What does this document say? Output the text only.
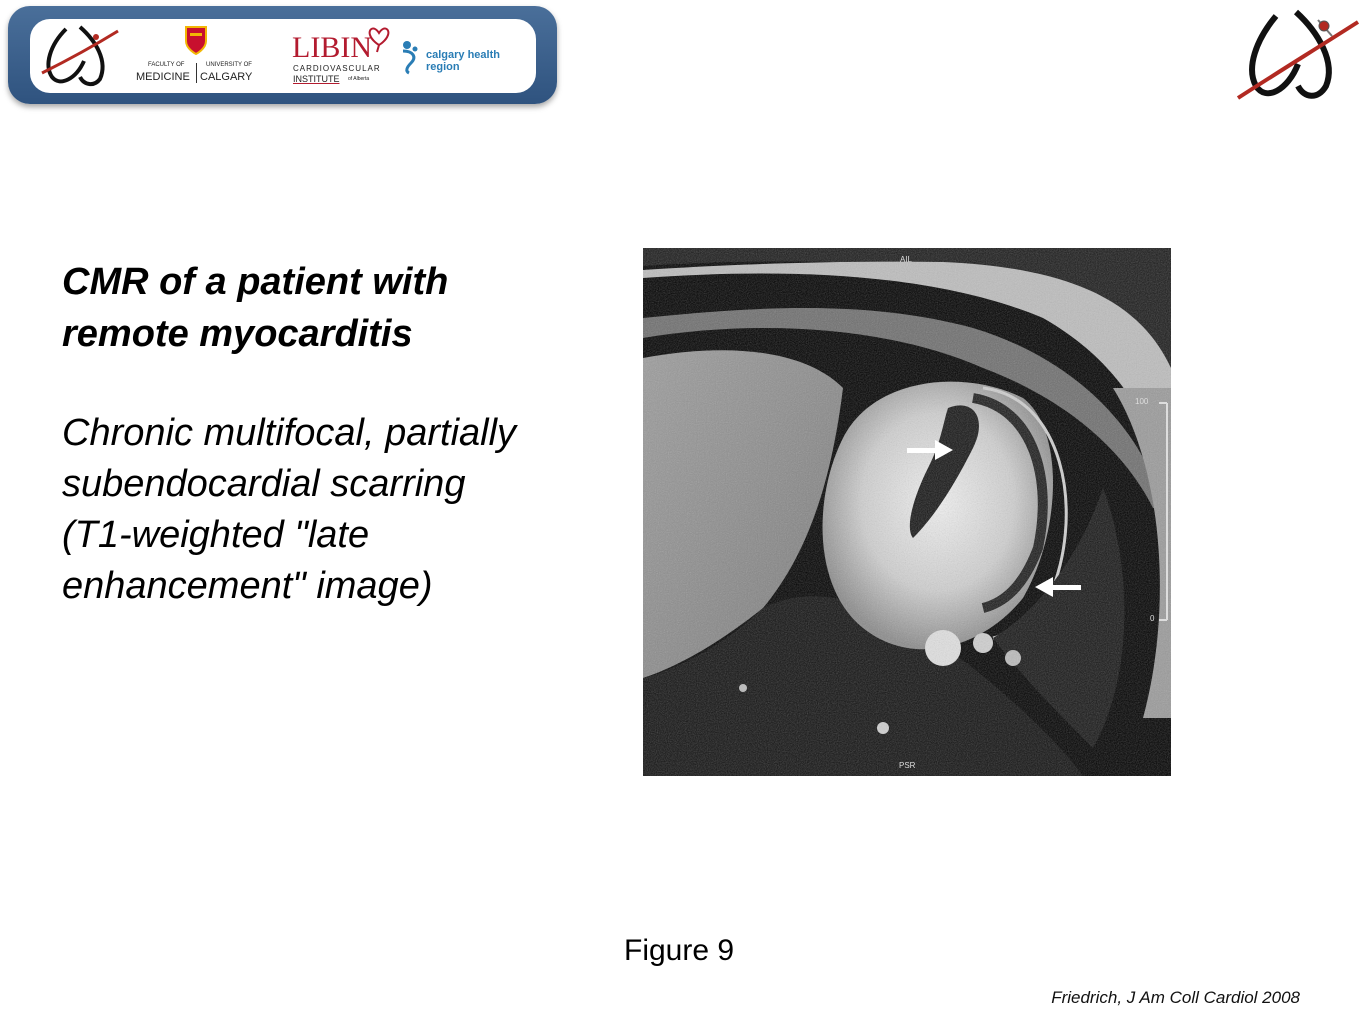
FACULTY OF
MEDICINE
UNIVERSITY OF
CALGARY
LIBIN
CARDIOVASCULAR
INSTITUTE of Alberta
calgary health region
CMR of a patient with
remote myocarditis
Chronic multifocal, partially
subendocardial scarring
(T1-weighted "late
enhancement" image)
AIL
PSR
100
0
Figure 9
Friedrich, J Am Coll Cardiol 2008
